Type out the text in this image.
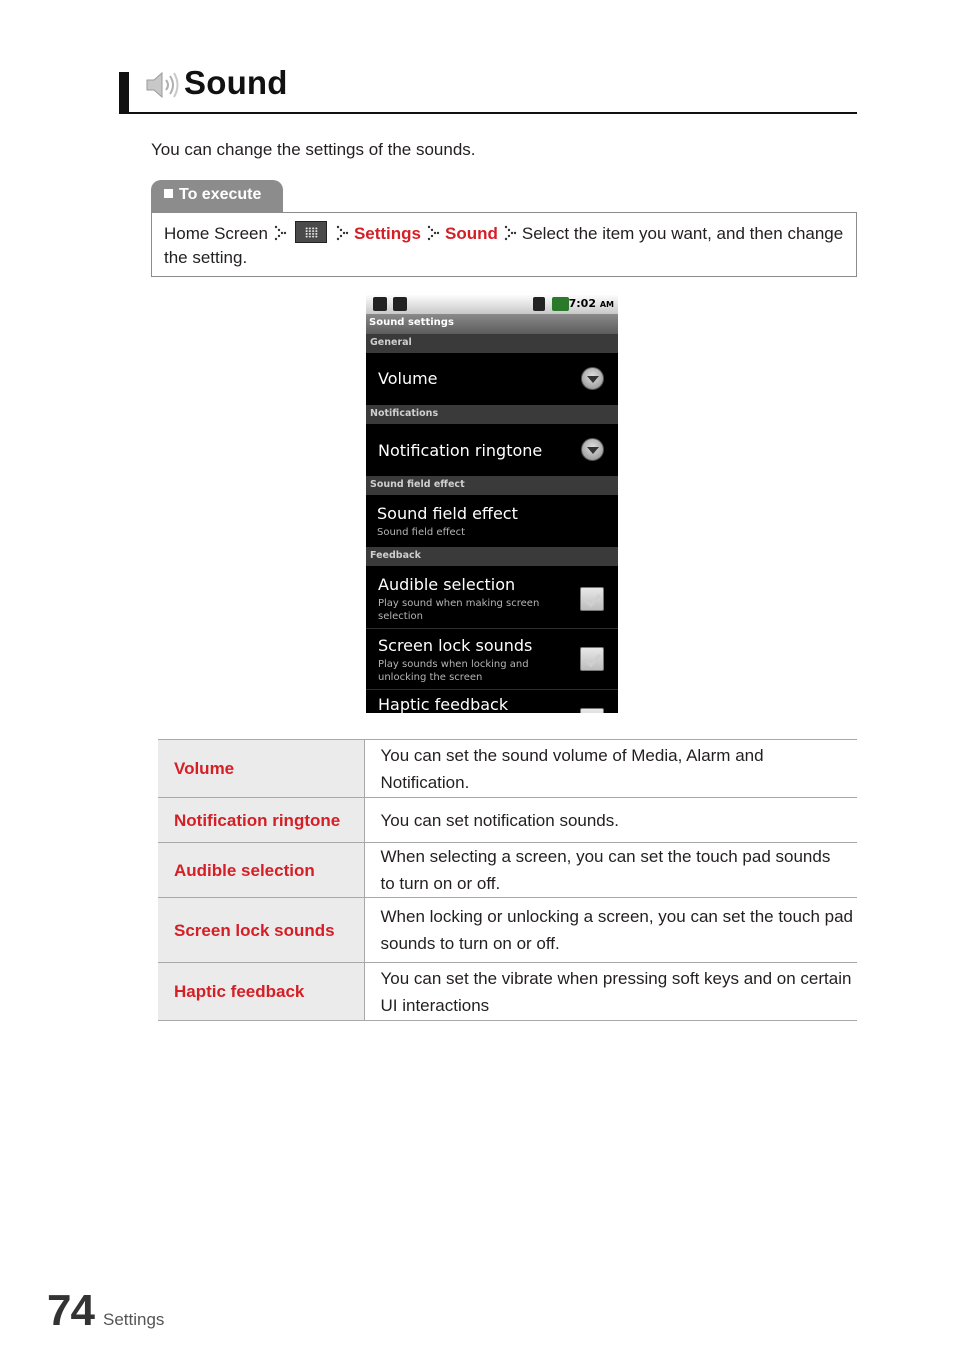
Sound
You can change the settings of the sounds.
To execute
Home Screen	Settings Sound Select the item you want, and then change the setting.
7:02 AM
Sound settings
General
Volume
Notifications
Notification ringtone
Sound field effect
Sound field effect
Sound field effect
Feedback
Audible selection
Play sound when making screen
selection
Screen lock sounds
Play sounds when locking and
unlocking the screen
Haptic feedback
Volume	You can set the sound volume of Media, Alarm and
Notification.

Notification ringtone	You can set notification sounds.

Audible selection	When selecting a screen, you can set the touch pad sounds
to turn on or off.

Screen lock sounds	When locking or unlocking a screen, you can set the touch pad
sounds to turn on or off.

Haptic feedback	You can set the vibrate when pressing soft keys and on certain
UI interactions
74 Settings
